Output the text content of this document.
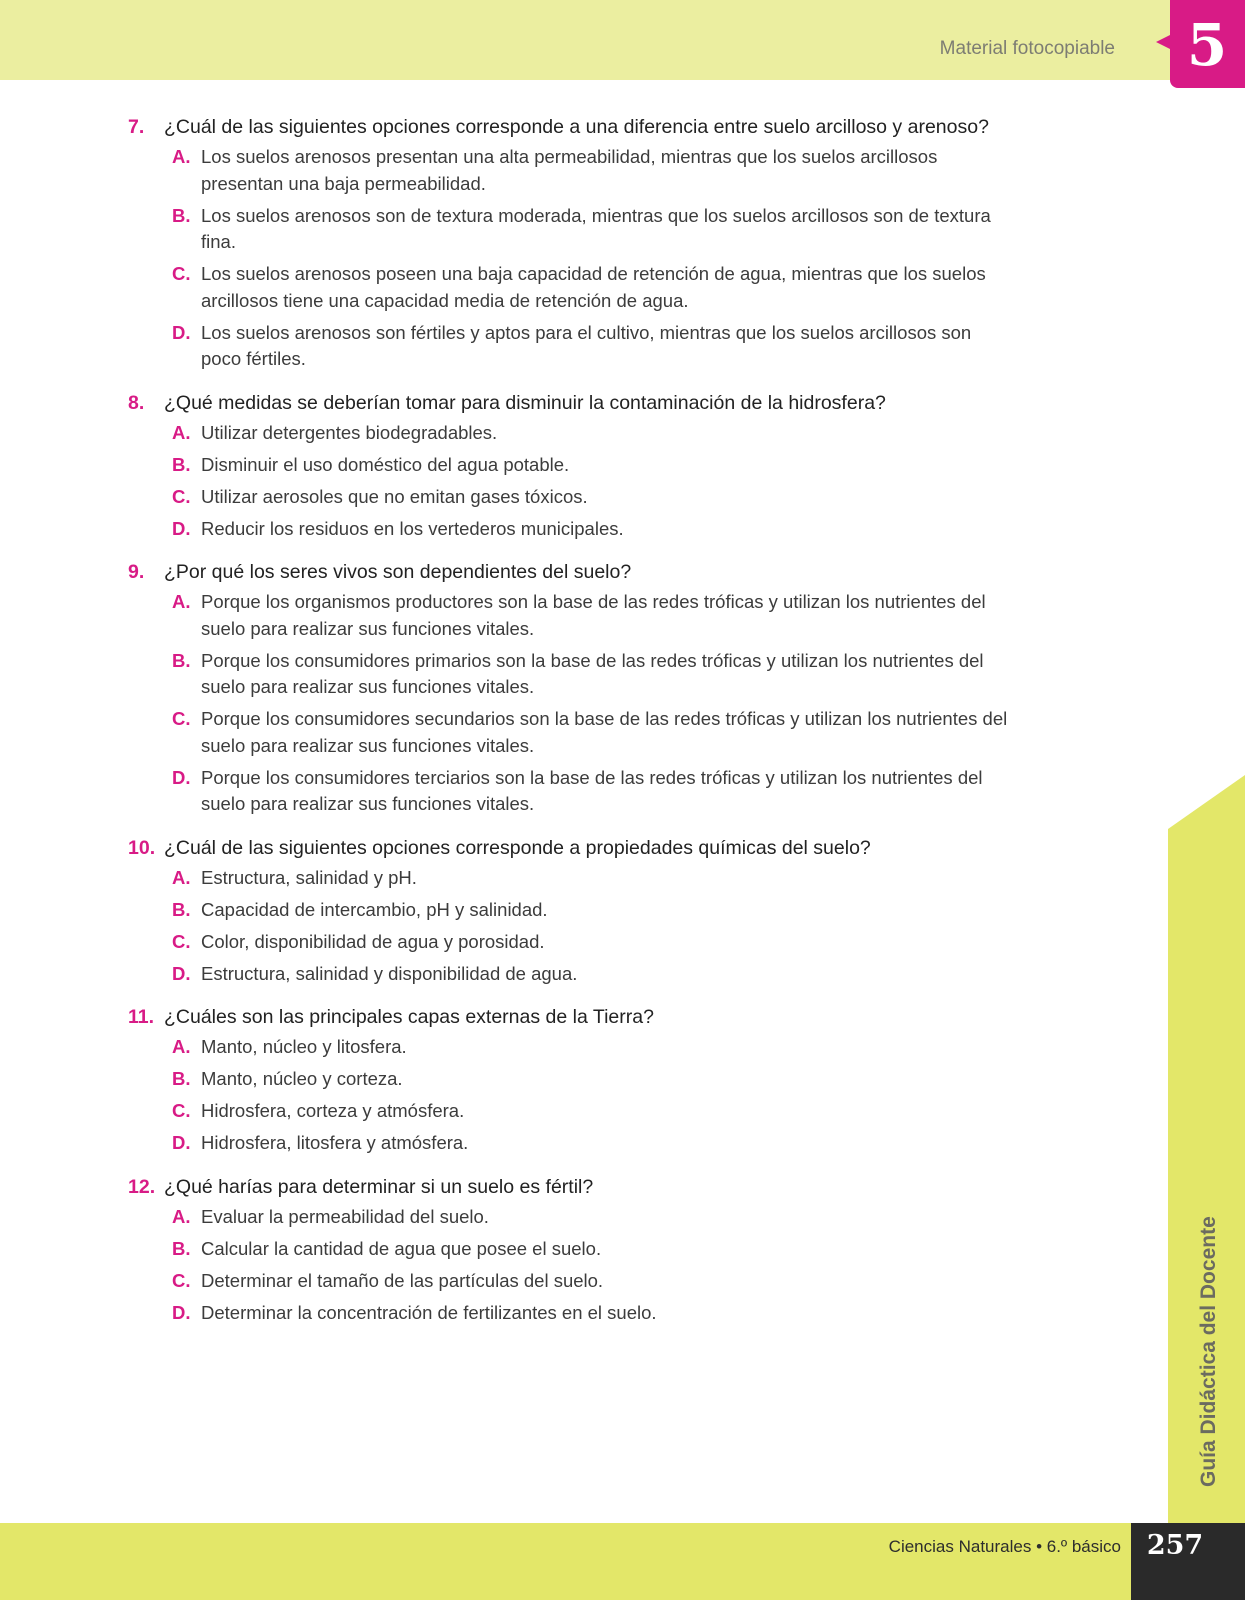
Material fotocopiable 5
Guía Didáctica del Docente
7.	¿Cuál de las siguientes opciones corresponde a una diferencia entre suelo arcilloso y arenoso?
A. Los suelos arenosos presentan una alta permeabilidad, mientras que los suelos arcillosos presentan una baja permeabilidad.
B. Los suelos arenosos son de textura moderada, mientras que los suelos arcillosos son de textura fina.
C. Los suelos arenosos poseen una baja capacidad de retención de agua, mientras que los suelos arcillosos tiene una capacidad media de retención de agua.
D. Los suelos arenosos son fértiles y aptos para el cultivo, mientras que los suelos arcillosos son poco fértiles.
8.	¿Qué medidas se deberían tomar para disminuir la contaminación de la hidrosfera?
A. Utilizar detergentes biodegradables.
B. Disminuir el uso doméstico del agua potable.
C. Utilizar aerosoles que no emitan gases tóxicos.
D. Reducir los residuos en los vertederos municipales.
9.	¿Por qué los seres vivos son dependientes del suelo?
A. Porque los organismos productores son la base de las redes tróficas y utilizan los nutrientes del suelo para realizar sus funciones vitales.
B. Porque los consumidores primarios son la base de las redes tróficas y utilizan los nutrientes del suelo para realizar sus funciones vitales.
C. Porque los consumidores secundarios son la base de las redes tróficas y utilizan los nutrientes del suelo para realizar sus funciones vitales.
D. Porque los consumidores terciarios son la base de las redes tróficas y utilizan los nutrientes del suelo para realizar sus funciones vitales.
10. ¿Cuál de las siguientes opciones corresponde a propiedades químicas del suelo?
A. Estructura, salinidad y pH.
B. Capacidad de intercambio, pH y salinidad.
C. Color, disponibilidad de agua y porosidad.
D. Estructura, salinidad y disponibilidad de agua.
11. ¿Cuáles son las principales capas externas de la Tierra?
A. Manto, núcleo y litosfera.
B. Manto, núcleo y corteza.
C. Hidrosfera, corteza y atmósfera.
D. Hidrosfera, litosfera y atmósfera.
12. ¿Qué harías para determinar si un suelo es fértil?
A. Evaluar la permeabilidad del suelo.
B. Calcular la cantidad de agua que posee el suelo.
C. Determinar el tamaño de las partículas del suelo.
D. Determinar la concentración de fertilizantes en el suelo.
Ciencias Naturales • 6.º básico 257
